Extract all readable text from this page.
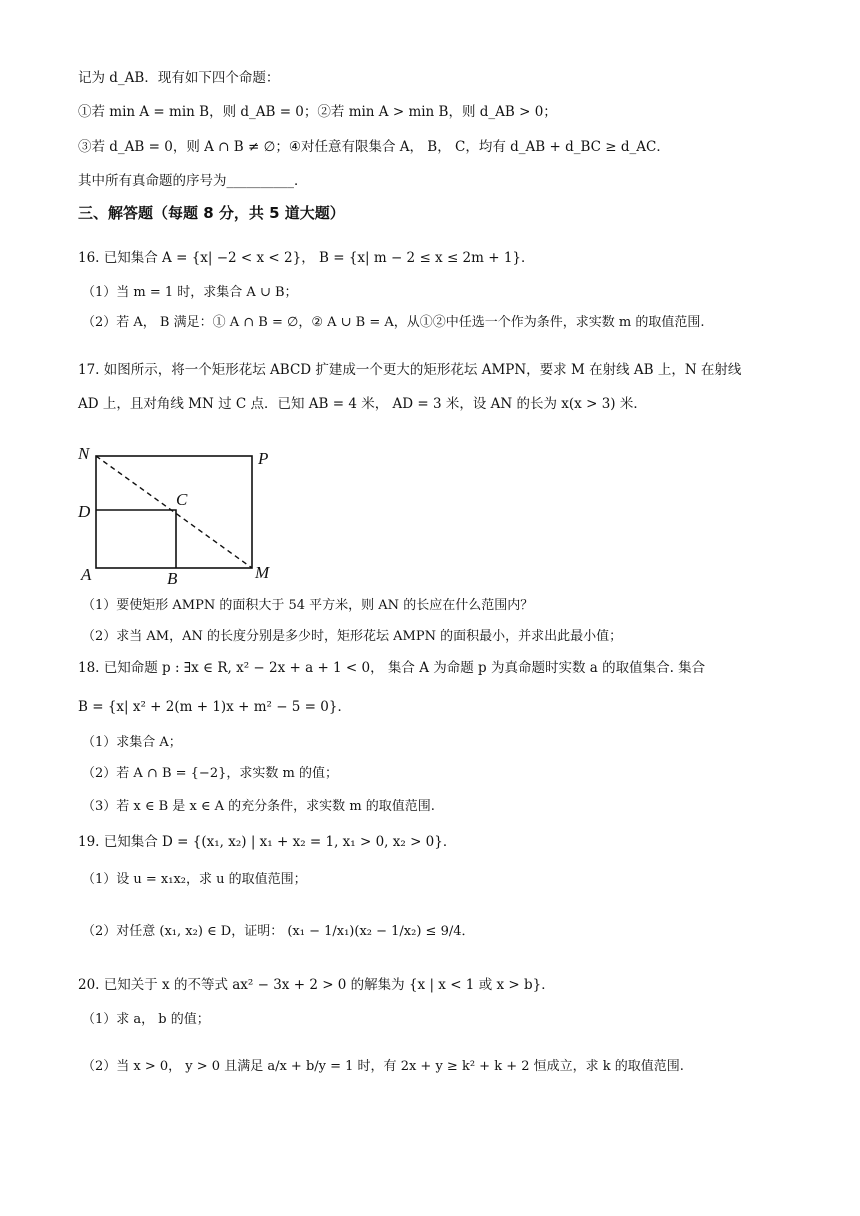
记为 d_AB．现有如下四个命题：
①若 min A = min B，则 d_AB = 0；②若 min A > min B，则 d_AB > 0；
③若 d_AB = 0，则 A ∩ B ≠ ∅；④对任意有限集合 A， B， C，均有 d_AB + d_BC ≥ d_AC．
其中所有真命题的序号为__________．
三、解答题（每题 8 分，共 5 道大题）
16. 已知集合 A = {x| −2 < x < 2}， B = {x| m − 2 ≤ x ≤ 2m + 1}．
（1）当 m = 1 时，求集合 A ∪ B；
（2）若 A， B 满足：① A ∩ B = ∅，② A ∪ B = A，从①②中任选一个作为条件，求实数 m 的取值范围.
17. 如图所示，将一个矩形花坛 ABCD 扩建成一个更大的矩形花坛 AMPN，要求 M 在射线 AB 上，N 在射线
AD 上，且对角线 MN 过 C 点．已知 AB = 4 米， AD = 3 米，设 AN 的长为 x(x > 3) 米．
N	P
D
C
A	B	M
（1）要使矩形 AMPN 的面积大于 54 平方米，则 AN 的长应在什么范围内？
（2）求当 AM，AN 的长度分别是多少时，矩形花坛 AMPN 的面积最小，并求出此最小值；
18. 已知命题 p : ∃x ∈ R, x² − 2x + a + 1 < 0， 集合 A 为命题 p 为真命题时实数 a 的取值集合. 集合
B = {x| x² + 2(m + 1)x + m² − 5 = 0}．
（1）求集合 A；
（2）若 A ∩ B = {−2}，求实数 m 的值；
（3）若 x ∈ B 是 x ∈ A 的充分条件，求实数 m 的取值范围.
19. 已知集合 D = {(x₁, x₂) | x₁ + x₂ = 1, x₁ > 0, x₂ > 0}．
（1）设 u = x₁x₂，求 u 的取值范围；
（2）对任意 (x₁, x₂) ∈ D，证明： (x₁ − 1/x₁)(x₂ − 1/x₂) ≤ 9/4．
20. 已知关于 x 的不等式 ax² − 3x + 2 > 0 的解集为 {x | x < 1 或 x > b}．
（1）求 a， b 的值；
（2）当 x > 0， y > 0 且满足 a/x + b/y = 1 时，有 2x + y ≥ k² + k + 2 恒成立，求 k 的取值范围.
